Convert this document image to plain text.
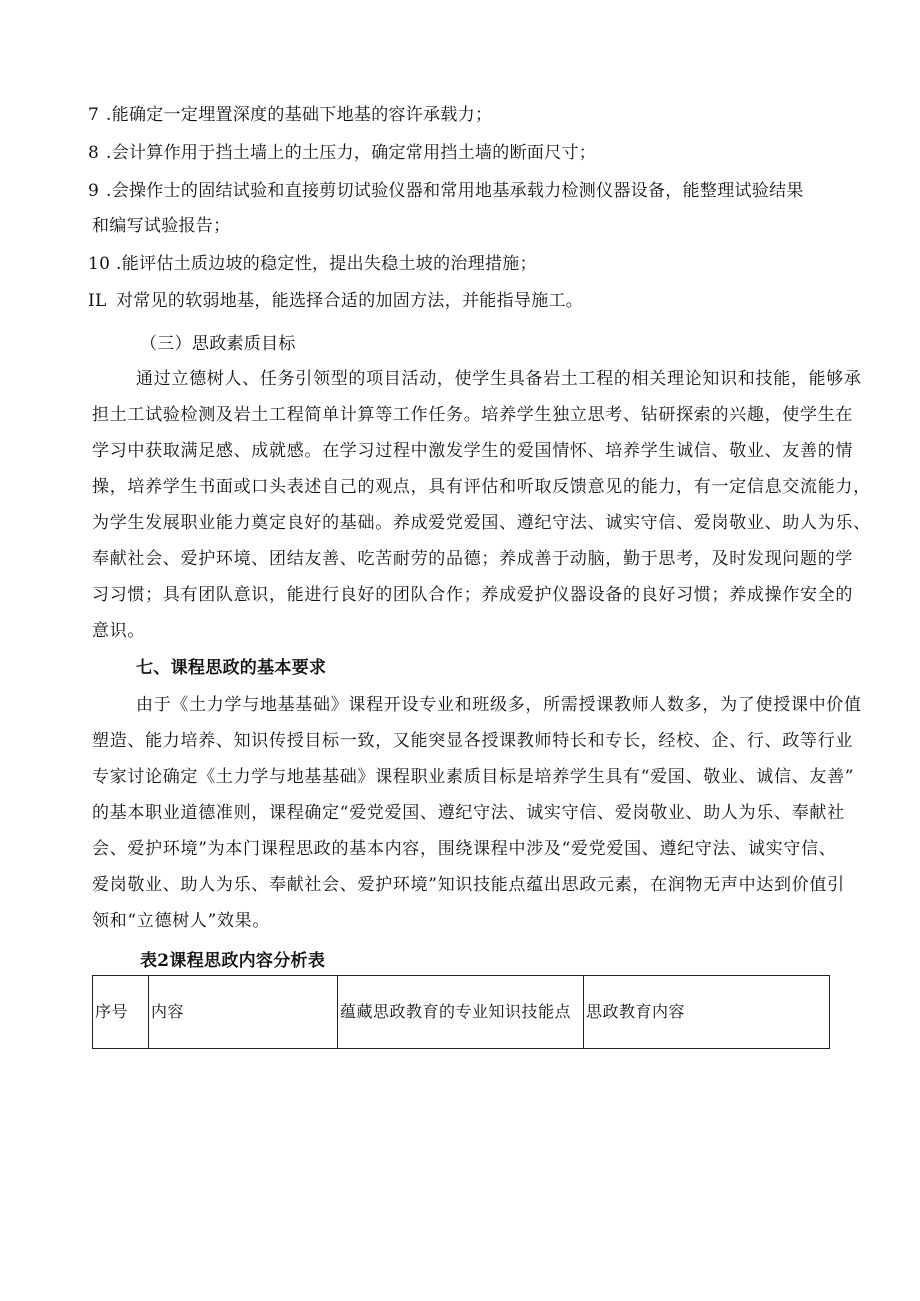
7 .能确定一定埋置深度的基础下地基的容许承载力；
8 .会计算作用于挡土墙上的土压力，确定常用挡土墙的断面尺寸；
9 .会操作士的固结试验和直接剪切试验仪器和常用地基承载力检测仪器设备，能整理试验结果
和编写试验报告；
10 .能评估土质边坡的稳定性，提出失稳土坡的治理措施；
IL 对常见的软弱地基，能选择合适的加固方法，并能指导施工。
（三）思政素质目标
通过立德树人、任务引领型的项目活动，使学生具备岩土工程的相关理论知识和技能，能够承
担土工试验检测及岩土工程简单计算等工作任务。培养学生独立思考、钻研探索的兴趣，使学生在
学习中获取满足感、成就感。在学习过程中激发学生的爱国情怀、培养学生诚信、敬业、友善的情
操，培养学生书面或口头表述自己的观点，具有评估和听取反馈意见的能力，有一定信息交流能力，
为学生发展职业能力奠定良好的基础。养成爱党爱国、遵纪守法、诚实守信、爱岗敬业、助人为乐、
奉献社会、爱护环境、团结友善、吃苦耐劳的品德；养成善于动脑，勤于思考，及时发现问题的学
习习惯；具有团队意识，能进行良好的团队合作；养成爱护仪器设备的良好习惯；养成操作安全的
意识。
七、课程思政的基本要求
由于《土力学与地基基础》课程开设专业和班级多，所需授课教师人数多，为了使授课中价值
塑造、能力培养、知识传授目标一致，又能突显各授课教师特长和专长，经校、企、行、政等行业
专家讨论确定《土力学与地基基础》课程职业素质目标是培养学生具有“爱国、敬业、诚信、友善”
的基本职业道德准则，课程确定“爱党爱国、遵纪守法、诚实守信、爱岗敬业、助人为乐、奉献社
会、爱护环境”为本门课程思政的基本内容，围绕课程中涉及“爱党爱国、遵纪守法、诚实守信、
爱岗敬业、助人为乐、奉献社会、爱护环境”知识技能点蕴出思政元素，在润物无声中达到价值引
领和“立德树人”效果。
表2课程思政内容分析表
序号	内容	蕴藏思政教育的专业知识技能点	思政教育内容
